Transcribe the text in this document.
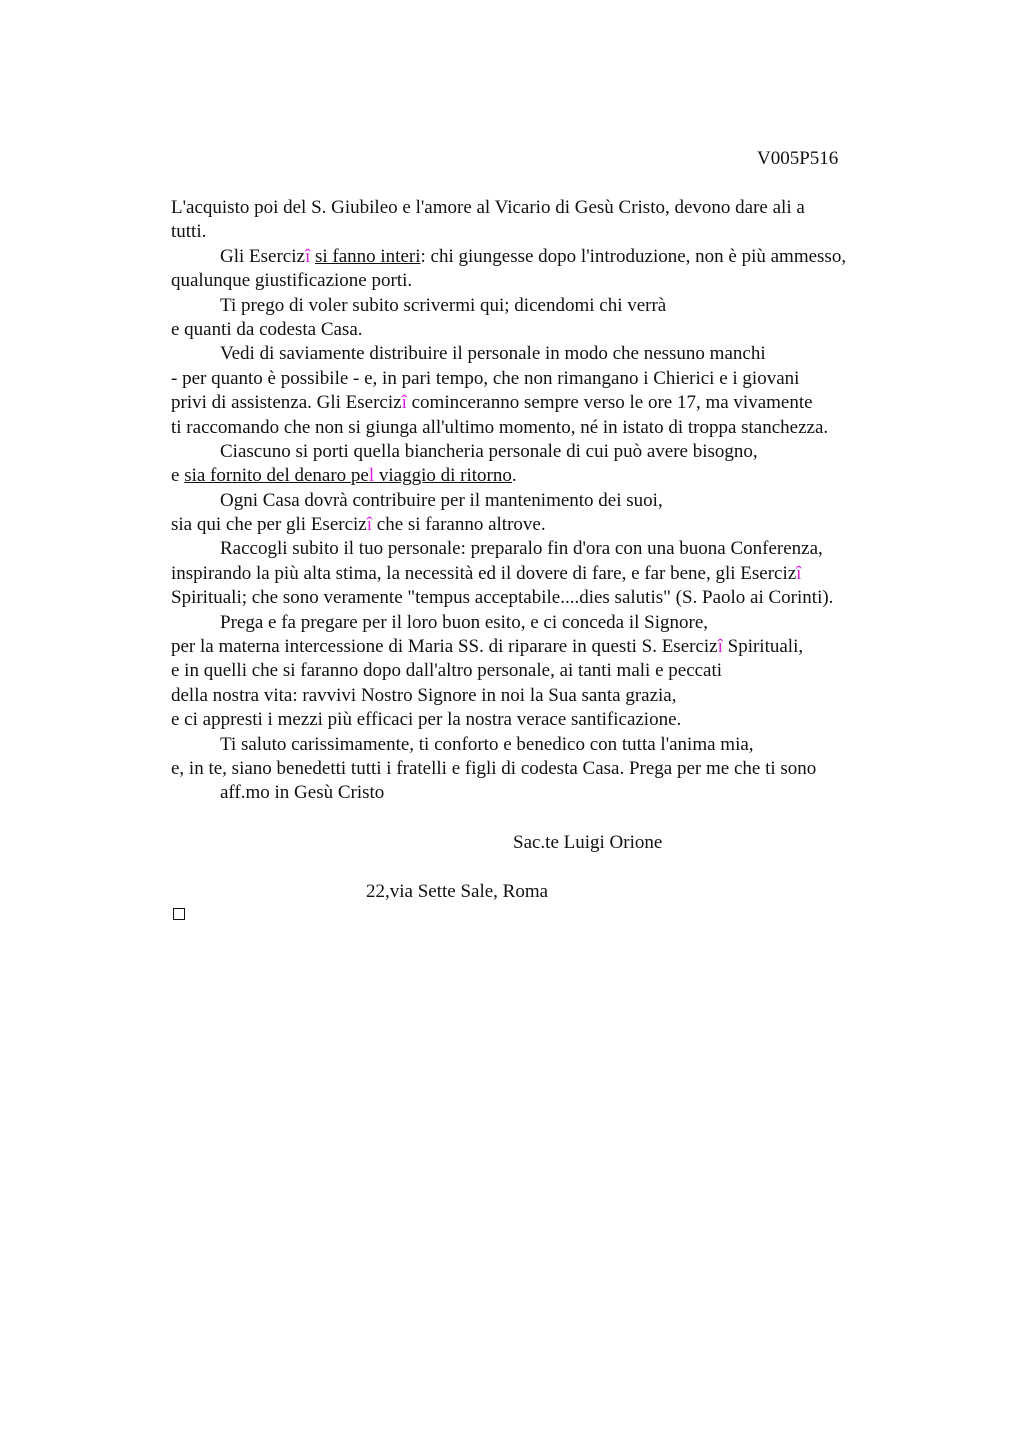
V005P516
L'acquisto poi del S. Giubileo e l'amore al Vicario di Gesù Cristo, devono dare ali a
tutti.
Gli Esercizî si fanno interi: chi giungesse dopo l'introduzione, non è più ammesso,
qualunque giustificazione porti.
Ti prego di voler subito scrivermi qui; dicendomi chi verrà
e quanti da codesta Casa.
Vedi di saviamente distribuire il personale in modo che nessuno manchi
- per quanto è possibile - e, in pari tempo, che non rimangano i Chierici e i giovani
privi di assistenza. Gli Esercizî cominceranno sempre verso le ore 17, ma vivamente
ti raccomando che non si giunga all'ultimo momento, né in istato di troppa stanchezza.
Ciascuno si porti quella biancheria personale di cui può avere bisogno,
e sia fornito del denaro pel viaggio di ritorno.
Ogni Casa dovrà contribuire per il mantenimento dei suoi,
sia qui che per gli Esercizî che si faranno altrove.
Raccogli subito il tuo personale: preparalo fin d'ora con una buona Conferenza,
inspirando la più alta stima, la necessità ed il dovere di fare, e far bene, gli Esercizî
Spirituali; che sono veramente "tempus acceptabile....dies salutis" (S. Paolo ai Corinti).
Prega e fa pregare per il loro buon esito, e ci conceda il Signore,
per la materna intercessione di Maria SS. di riparare in questi S. Esercizî Spirituali,
e in quelli che si faranno dopo dall'altro personale, ai tanti mali e peccati
della nostra vita: ravvivi Nostro Signore in noi la Sua santa grazia,
e ci appresti i mezzi più efficaci per la nostra verace santificazione.
Ti saluto carissimamente, ti conforto e benedico con tutta l'anima mia,
e, in te, siano benedetti tutti i fratelli e figli di codesta Casa. Prega per me che ti sono
aff.mo in Gesù Cristo
Sac.te Luigi Orione
22,via Sette Sale, Roma
